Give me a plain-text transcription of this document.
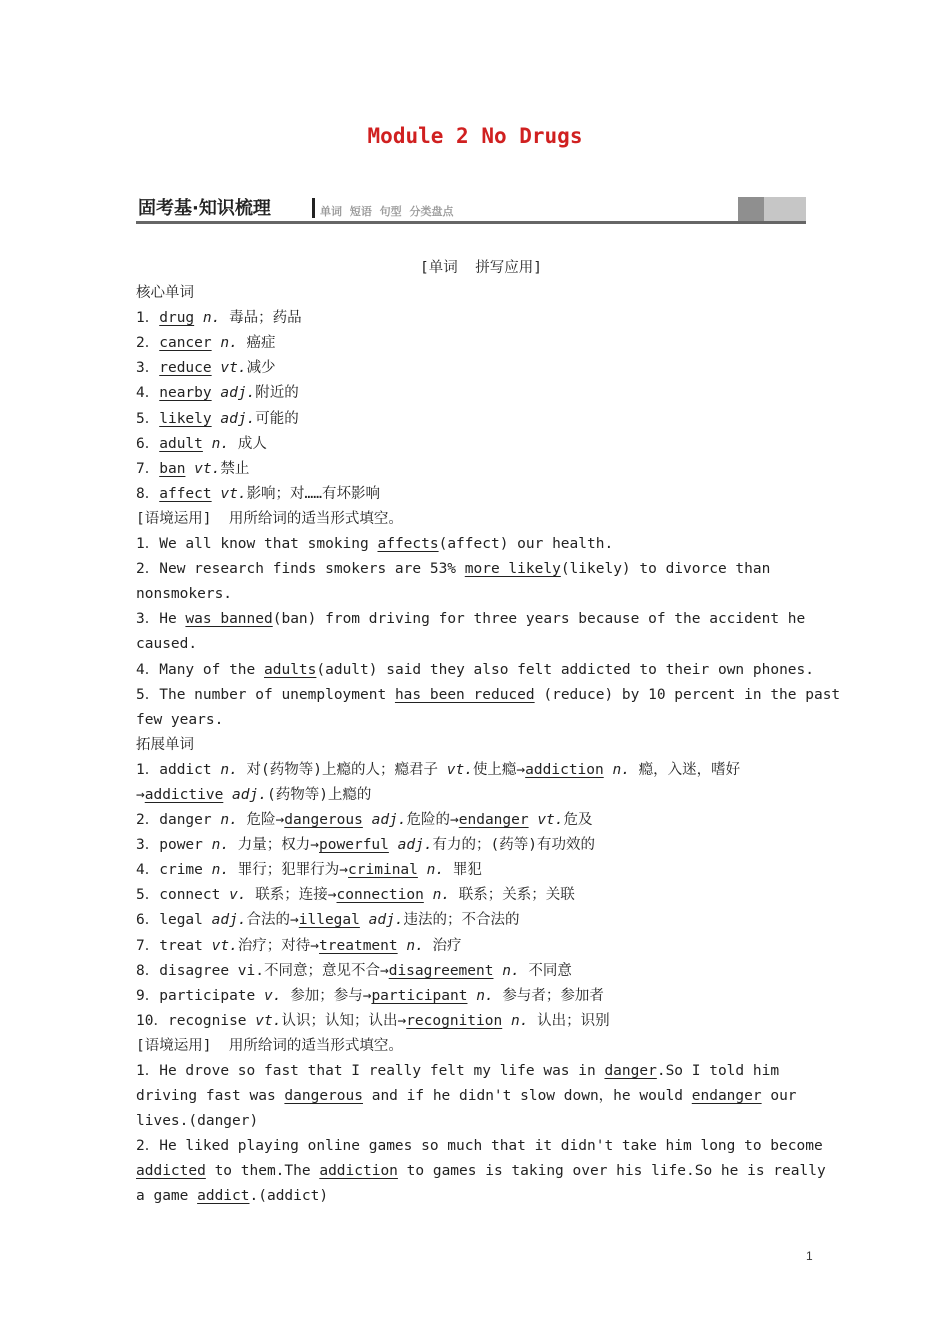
Module 2 No Drugs
固考基·知识梳理	单词 短语 句型 分类盘点
[单词  拼写应用]
核心单词
1．drug n. 毒品；药品
2．cancer n. 癌症
3．reduce vt.减少
4．nearby adj.附近的
5．likely adj.可能的
6．adult n. 成人
7．ban vt.禁止
8．affect vt.影响；对……有坏影响
[语境运用]  用所给词的适当形式填空。
1．We all know that smoking affects(affect) our health.
2．New research finds smokers are 53% more likely(likely) to divorce than
nonsmokers.
3．He was banned(ban) from driving for three years because of the accident he
caused.
4．Many of the adults(adult) said they also felt addicted to their own phones.
5．The number of unemployment has been reduced (reduce) by 10 percent in the past
few years.
拓展单词
1．addict n. 对(药物等)上瘾的人；瘾君子 vt.使上瘾→addiction n. 瘾，入迷，嗜好
→addictive adj.(药物等)上瘾的
2．danger n. 危险→dangerous adj.危险的→endanger vt.危及
3．power n. 力量；权力→powerful adj.有力的；(药等)有功效的
4．crime n. 罪行；犯罪行为→criminal n. 罪犯
5．connect v. 联系；连接→connection n. 联系；关系；关联
6．legal adj.合法的→illegal adj.违法的；不合法的
7．treat vt.治疗；对待→treatment n. 治疗
8．disagree vi.不同意；意见不合→disagreement n. 不同意
9．participate v. 参加；参与→participant n. 参与者；参加者
10．recognise vt.认识；认知；认出→recognition n. 认出；识别
[语境运用]  用所给词的适当形式填空。
1．He drove so fast that I really felt my life was in danger.So I told him
driving fast was dangerous and if he didn't slow down，he would endanger our
lives.(danger)
2．He liked playing online games so much that it didn't take him long to become
addicted to them.The addiction to games is taking over his life.So he is really
a game addict.(addict)
1
